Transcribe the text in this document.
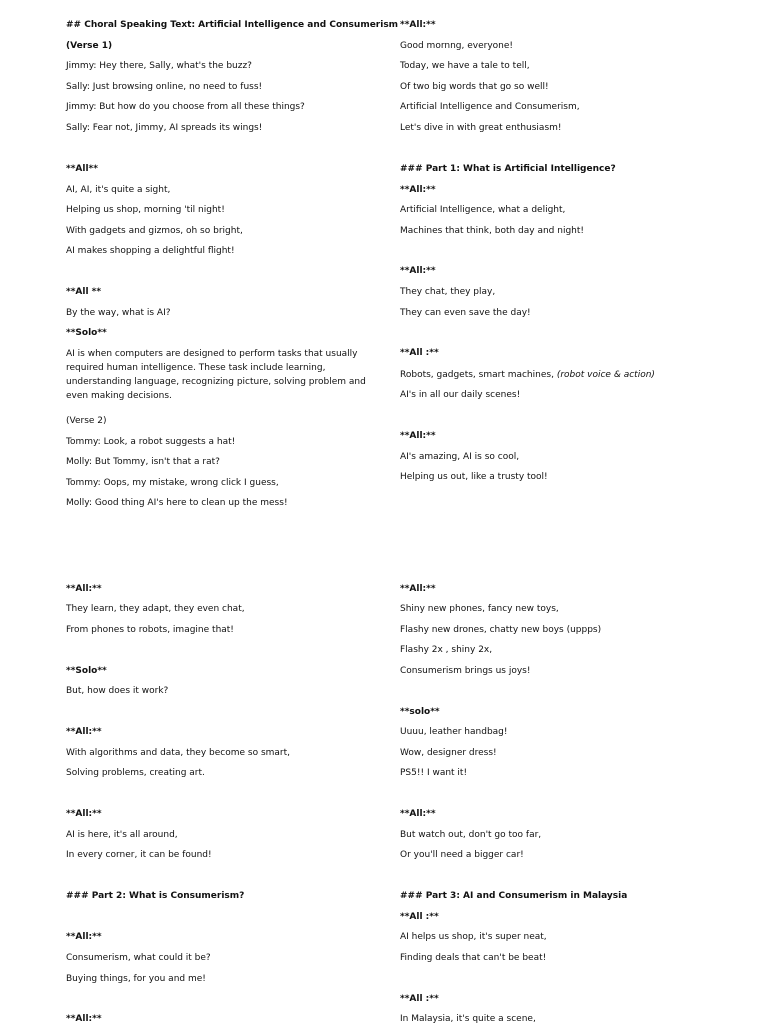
## Choral Speaking Text: Artificial Intelligence and Consumerism
(Verse 1)
Jimmy: Hey there, Sally, what's the buzz?
Sally: Just browsing online, no need to fuss!
Jimmy: But how do you choose from all these things?
Sally: Fear not, Jimmy, AI spreads its wings!
**All**
AI, AI, it's quite a sight,
Helping us shop, morning 'til night!
With gadgets and gizmos, oh so bright,
AI makes shopping a delightful flight!
**All **
By the way, what is AI?
**Solo**
AI is when computers are designed to perform tasks that usually required human intelligence. These task include learning, understanding language, recognizing picture, solving problem and even making decisions.
(Verse 2)
Tommy: Look, a robot suggests a hat!
Molly: But Tommy, isn't that a rat?
Tommy: Oops, my mistake, wrong click I guess,
Molly: Good thing AI's here to clean up the mess!
**All:**
They learn, they adapt, they even chat,
From phones to robots, imagine that!
**Solo**
But, how does it work?
**All:**
With algorithms and data, they become so smart,
Solving problems, creating art.
**All:**
AI is here, it's all around,
In every corner, it can be found!
### Part 2: What is Consumerism?
**All:**
Consumerism, what could it be?
Buying things, for you and me!
**All:**
**All:**
Good mornng, everyone!
Today, we have a tale to tell,
Of two big words that go so well!
Artificial Intelligence and Consumerism,
Let's dive in with great enthusiasm!
### Part 1: What is Artificial Intelligence?
**All:**
Artificial Intelligence, what a delight,
Machines that think, both day and night!
**All:**
They chat, they play,
They can even save the day!
**All :**
Robots, gadgets, smart machines, (robot voice & action)
AI's in all our daily scenes!
**All:**
AI's amazing, AI is so cool,
Helping us out, like a trusty tool!
**All:**
Shiny new phones, fancy new toys,
Flashy new drones, chatty new boys (uppps)
Flashy 2x , shiny 2x,
Consumerism brings us joys!
**solo**
Uuuu, leather handbag!
Wow, designer dress!
PS5!! I want it!
**All:**
But watch out, don't go too far,
Or you'll need a bigger car!
### Part 3: AI and Consumerism in Malaysia
**All :**
AI helps us shop, it's super neat,
Finding deals that can't be beat!
**All :**
In Malaysia, it's quite a scene,
